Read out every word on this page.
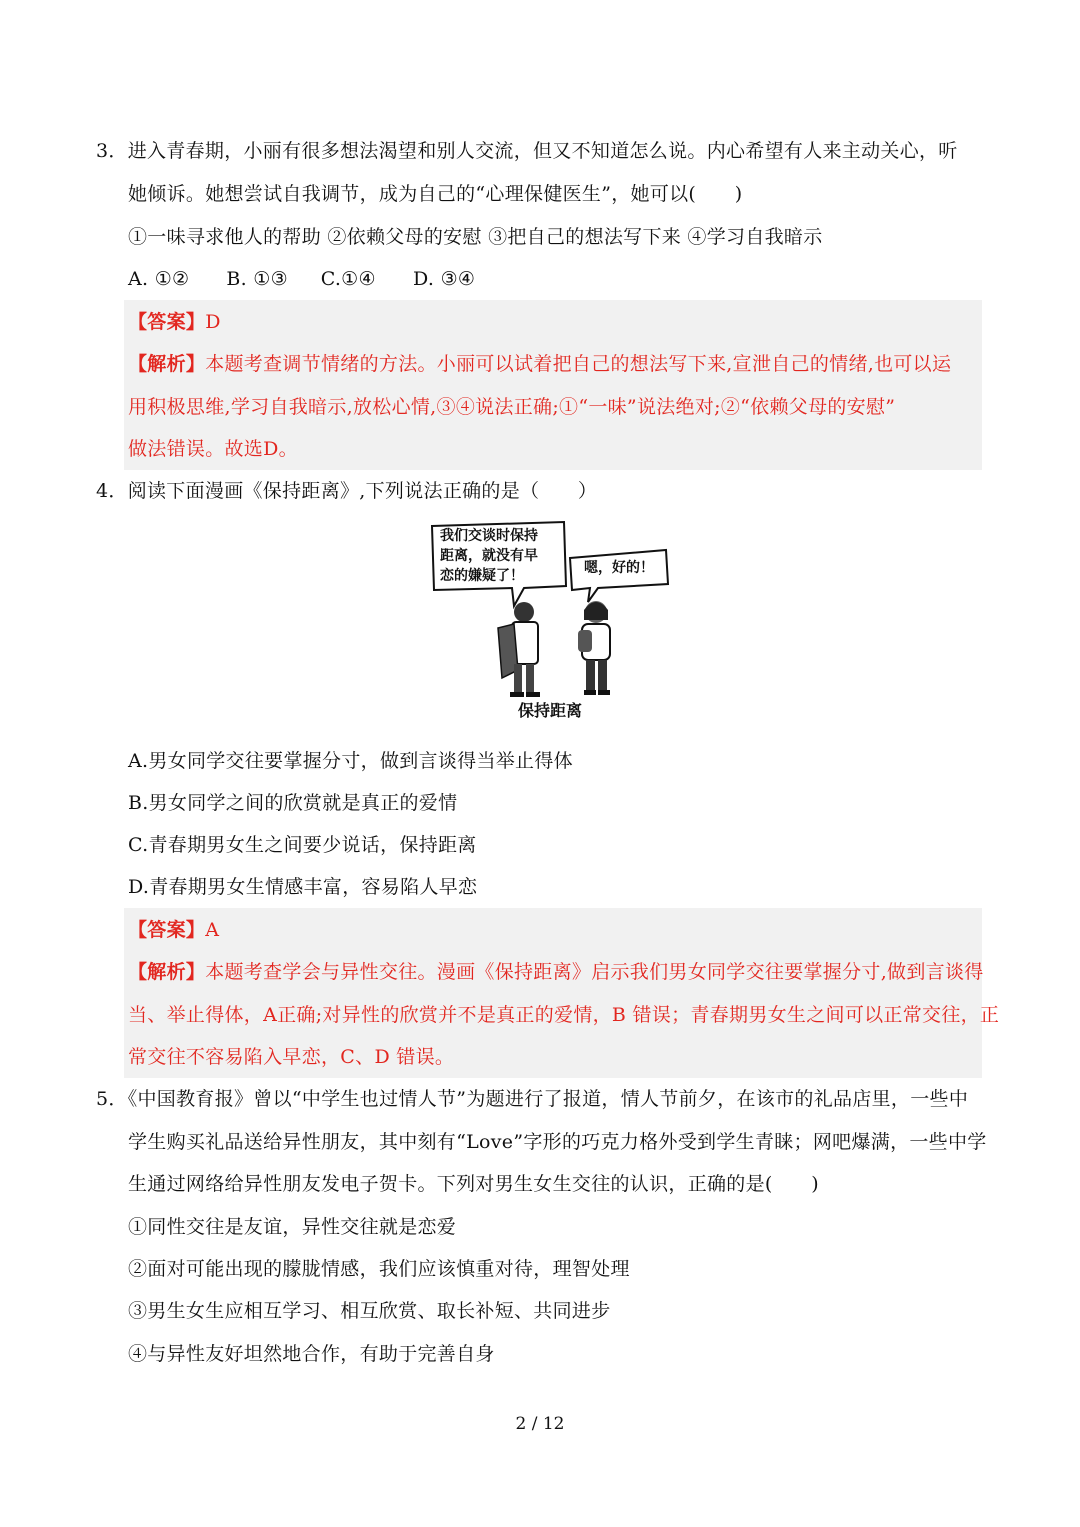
3．进入青春期，小丽有很多想法渴望和别人交流，但又不知道怎么说。内心希望有人来主动关心，听
她倾诉。她想尝试自我调节，成为自己的“心理保健医生”，她可以(　　)
①一味寻求他人的帮助 ②依赖父母的安慰 ③把自己的想法写下来 ④学习自我暗示
A. ①② B. ①③ C.①④ D. ③④
【答案】D
【解析】本题考查调节情绪的方法。小丽可以试着把自己的想法写下来,宣泄自己的情绪,也可以运
用积极思维,学习自我暗示,放松心情,③④说法正确;①“一味”说法绝对;②“依赖父母的安慰”
做法错误。故选D。
4．阅读下面漫画《保持距离》,下列说法正确的是（　　）
我们交谈时保持
距离，就没有早
恋的嫌疑了！	嗯，好的！
保持距离
A.男女同学交往要掌握分寸，做到言谈得当举止得体
B.男女同学之间的欣赏就是真正的爱情
C.青春期男女生之间要少说话，保持距离
D.青春期男女生情感丰富，容易陷人早恋
【答案】A
【解析】本题考查学会与异性交往。漫画《保持距离》启示我们男女同学交往要掌握分寸,做到言谈得
当、举止得体，A正确;对异性的欣赏并不是真正的爱情，B 错误；青春期男女生之间可以正常交往，正
常交往不容易陷入早恋，C、D 错误。
5．《中国教育报》曾以“中学生也过情人节”为题进行了报道，情人节前夕，在该市的礼品店里，一些中
学生购买礼品送给异性朋友，其中刻有“Love”字形的巧克力格外受到学生青睐；网吧爆满，一些中学
生通过网络给异性朋友发电子贺卡。下列对男生女生交往的认识，正确的是(　　)
①同性交往是友谊，异性交往就是恋爱
②面对可能出现的朦胧情感，我们应该慎重对待，理智处理
③男生女生应相互学习、相互欣赏、取长补短、共同进步
④与异性友好坦然地合作，有助于完善自身
2 / 12
